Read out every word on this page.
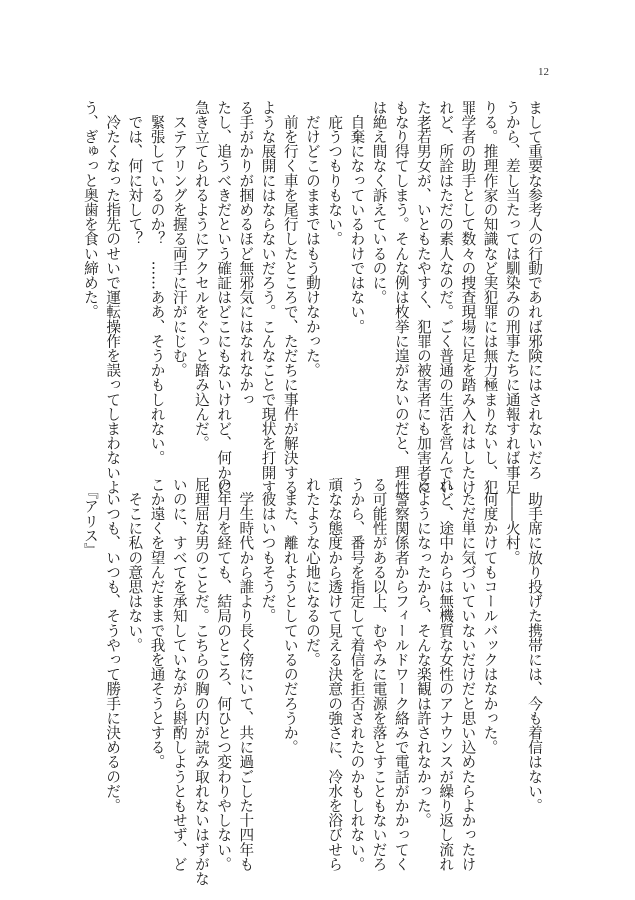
12
まして重要な参考人の行動であれば邪険にはされないだろ
うから、差し当たっては馴染みの刑事たちに通報すれば事足
りる。推理作家の知識など実犯罪には無力極まりないし、犯
罪学者の助手として数々の捜査現場に足を踏み入れはしたけ
れど、所詮はただの素人なのだ。ごく普通の生活を営んでい
た老若男女が、いともたやすく、犯罪の被害者にも加害者に
もなり得てしまう。そんな例は枚挙に遑がないのだと、理性
は絶え間なく訴えているのに。
　自棄になっているわけではない。
　庇うつもりもない。
　だけどこのままではもう動けなかった。
　前を行く車を尾行したところで、ただちに事件が解決する
ような展開にはならないだろう。こんなことで現状を打開す
る手がかりが掴めるほど無邪気にはなれなかっ
たし、追うべきだという確証はどこにもないけれど、何かに
急き立てられるようにアクセルをぐっと踏み込んだ。
　ステアリングを握る両手に汗がにじむ。
　緊張しているのか？　……ああ、そうかもしれない。
　では、何に対して？
　冷たくなった指先のせいで運転操作を誤ってしまわないよ
う、ぎゅっと奥歯を食い締めた。
　助手席に放り投げた携帯には、今も着信はない。
　――火村。
　何度かけてもコールバックはなかった。
　ただ単に気づいていないだけだと思い込めたらよかったけ
れど、途中からは無機質な女性のアナウンスが繰り返し流れ
るようになったから、そんな楽観は許されなかった。
　警察関係者からフィールドワーク絡みで電話がかかってく
る可能性がある以上、むやみに電源を落とすこともないだろ
うから、番号を指定して着信を拒否されたのかもしれない。
頑なな態度から透けて見える決意の強さに、冷水を浴びせら
れたような心地になるのだ。
　また、離れようとしているのだろうか。
　彼はいつもそうだ。
　学生時代から誰より長く傍にいて、共に過ごした十四年も
の年月を経ても、結局のところ、何ひとつ変わりやしない。
屁理屈な男のことだ。こちらの胸の内が読み取れないはずがな
いのに、すべてを承知していながら斟酌しようともせず、ど
こか遠くを望んだままで我を通そうとする。
　そこに私の意思はない。
　いつも、いつも、そうやって勝手に決めるのだ。
　『アリス』
